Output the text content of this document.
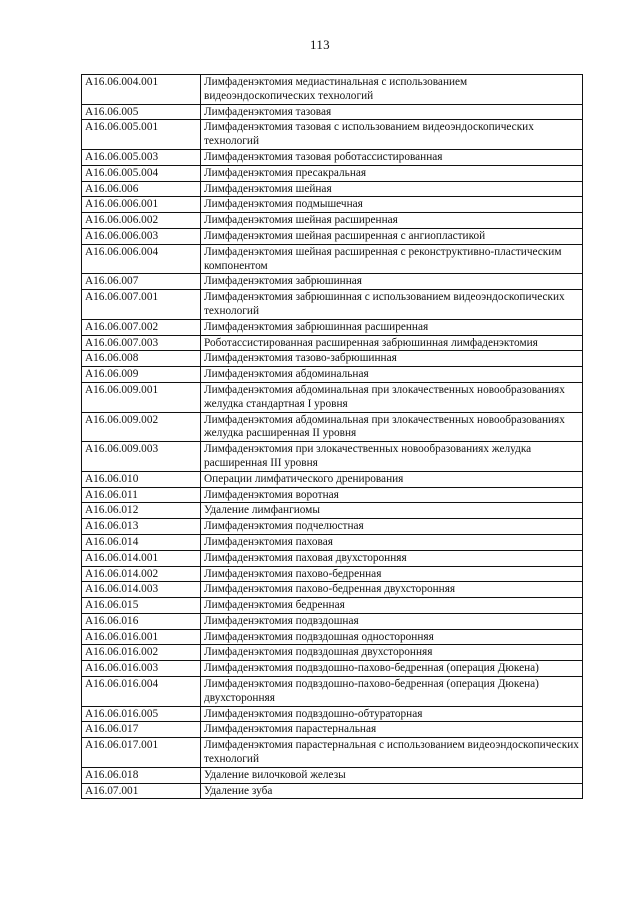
113
A16.06.004.001	Лимфаденэктомия медиастинальная с использованием видеоэндоскопических технологий
A16.06.005	Лимфаденэктомия тазовая
A16.06.005.001	Лимфаденэктомия тазовая с использованием видеоэндоскопических технологий
A16.06.005.003	Лимфаденэктомия тазовая роботассистированная
A16.06.005.004	Лимфаденэктомия пресакральная
A16.06.006	Лимфаденэктомия шейная
A16.06.006.001	Лимфаденэктомия подмышечная
A16.06.006.002	Лимфаденэктомия шейная расширенная
A16.06.006.003	Лимфаденэктомия шейная расширенная с ангиопластикой
A16.06.006.004	Лимфаденэктомия шейная расширенная с реконструктивно-пластическим компонентом
A16.06.007	Лимфаденэктомия забрюшинная
A16.06.007.001	Лимфаденэктомия забрюшинная с использованием видеоэндоскопических технологий
A16.06.007.002	Лимфаденэктомия забрюшинная расширенная
A16.06.007.003	Роботассистированная расширенная забрюшинная лимфаденэктомия
A16.06.008	Лимфаденэктомия тазово-забрюшинная
A16.06.009	Лимфаденэктомия абдоминальная
A16.06.009.001	Лимфаденэктомия абдоминальная при злокачественных новообразованиях желудка стандартная I уровня
A16.06.009.002	Лимфаденэктомия абдоминальная при злокачественных новообразованиях желудка расширенная II уровня
A16.06.009.003	Лимфаденэктомия при злокачественных новообразованиях желудка расширенная III уровня
A16.06.010	Операции лимфатического дренирования
A16.06.011	Лимфаденэктомия воротная
A16.06.012	Удаление лимфангиомы
A16.06.013	Лимфаденэктомия подчелюстная
A16.06.014	Лимфаденэктомия паховая
A16.06.014.001	Лимфаденэктомия паховая двухсторонняя
A16.06.014.002	Лимфаденэктомия пахово-бедренная
A16.06.014.003	Лимфаденэктомия пахово-бедренная двухсторонняя
A16.06.015	Лимфаденэктомия бедренная
A16.06.016	Лимфаденэктомия подвздошная
A16.06.016.001	Лимфаденэктомия подвздошная односторонняя
A16.06.016.002	Лимфаденэктомия подвздошная двухсторонняя
A16.06.016.003	Лимфаденэктомия подвздошно-пахово-бедренная (операция Дюкена)
A16.06.016.004	Лимфаденэктомия подвздошно-пахово-бедренная (операция Дюкена) двухсторонняя
A16.06.016.005	Лимфаденэктомия подвздошно-обтураторная
A16.06.017	Лимфаденэктомия парастернальная
A16.06.017.001	Лимфаденэктомия парастернальная с использованием видеоэндоскопических технологий
A16.06.018	Удаление вилочковой железы
A16.07.001	Удаление зуба
